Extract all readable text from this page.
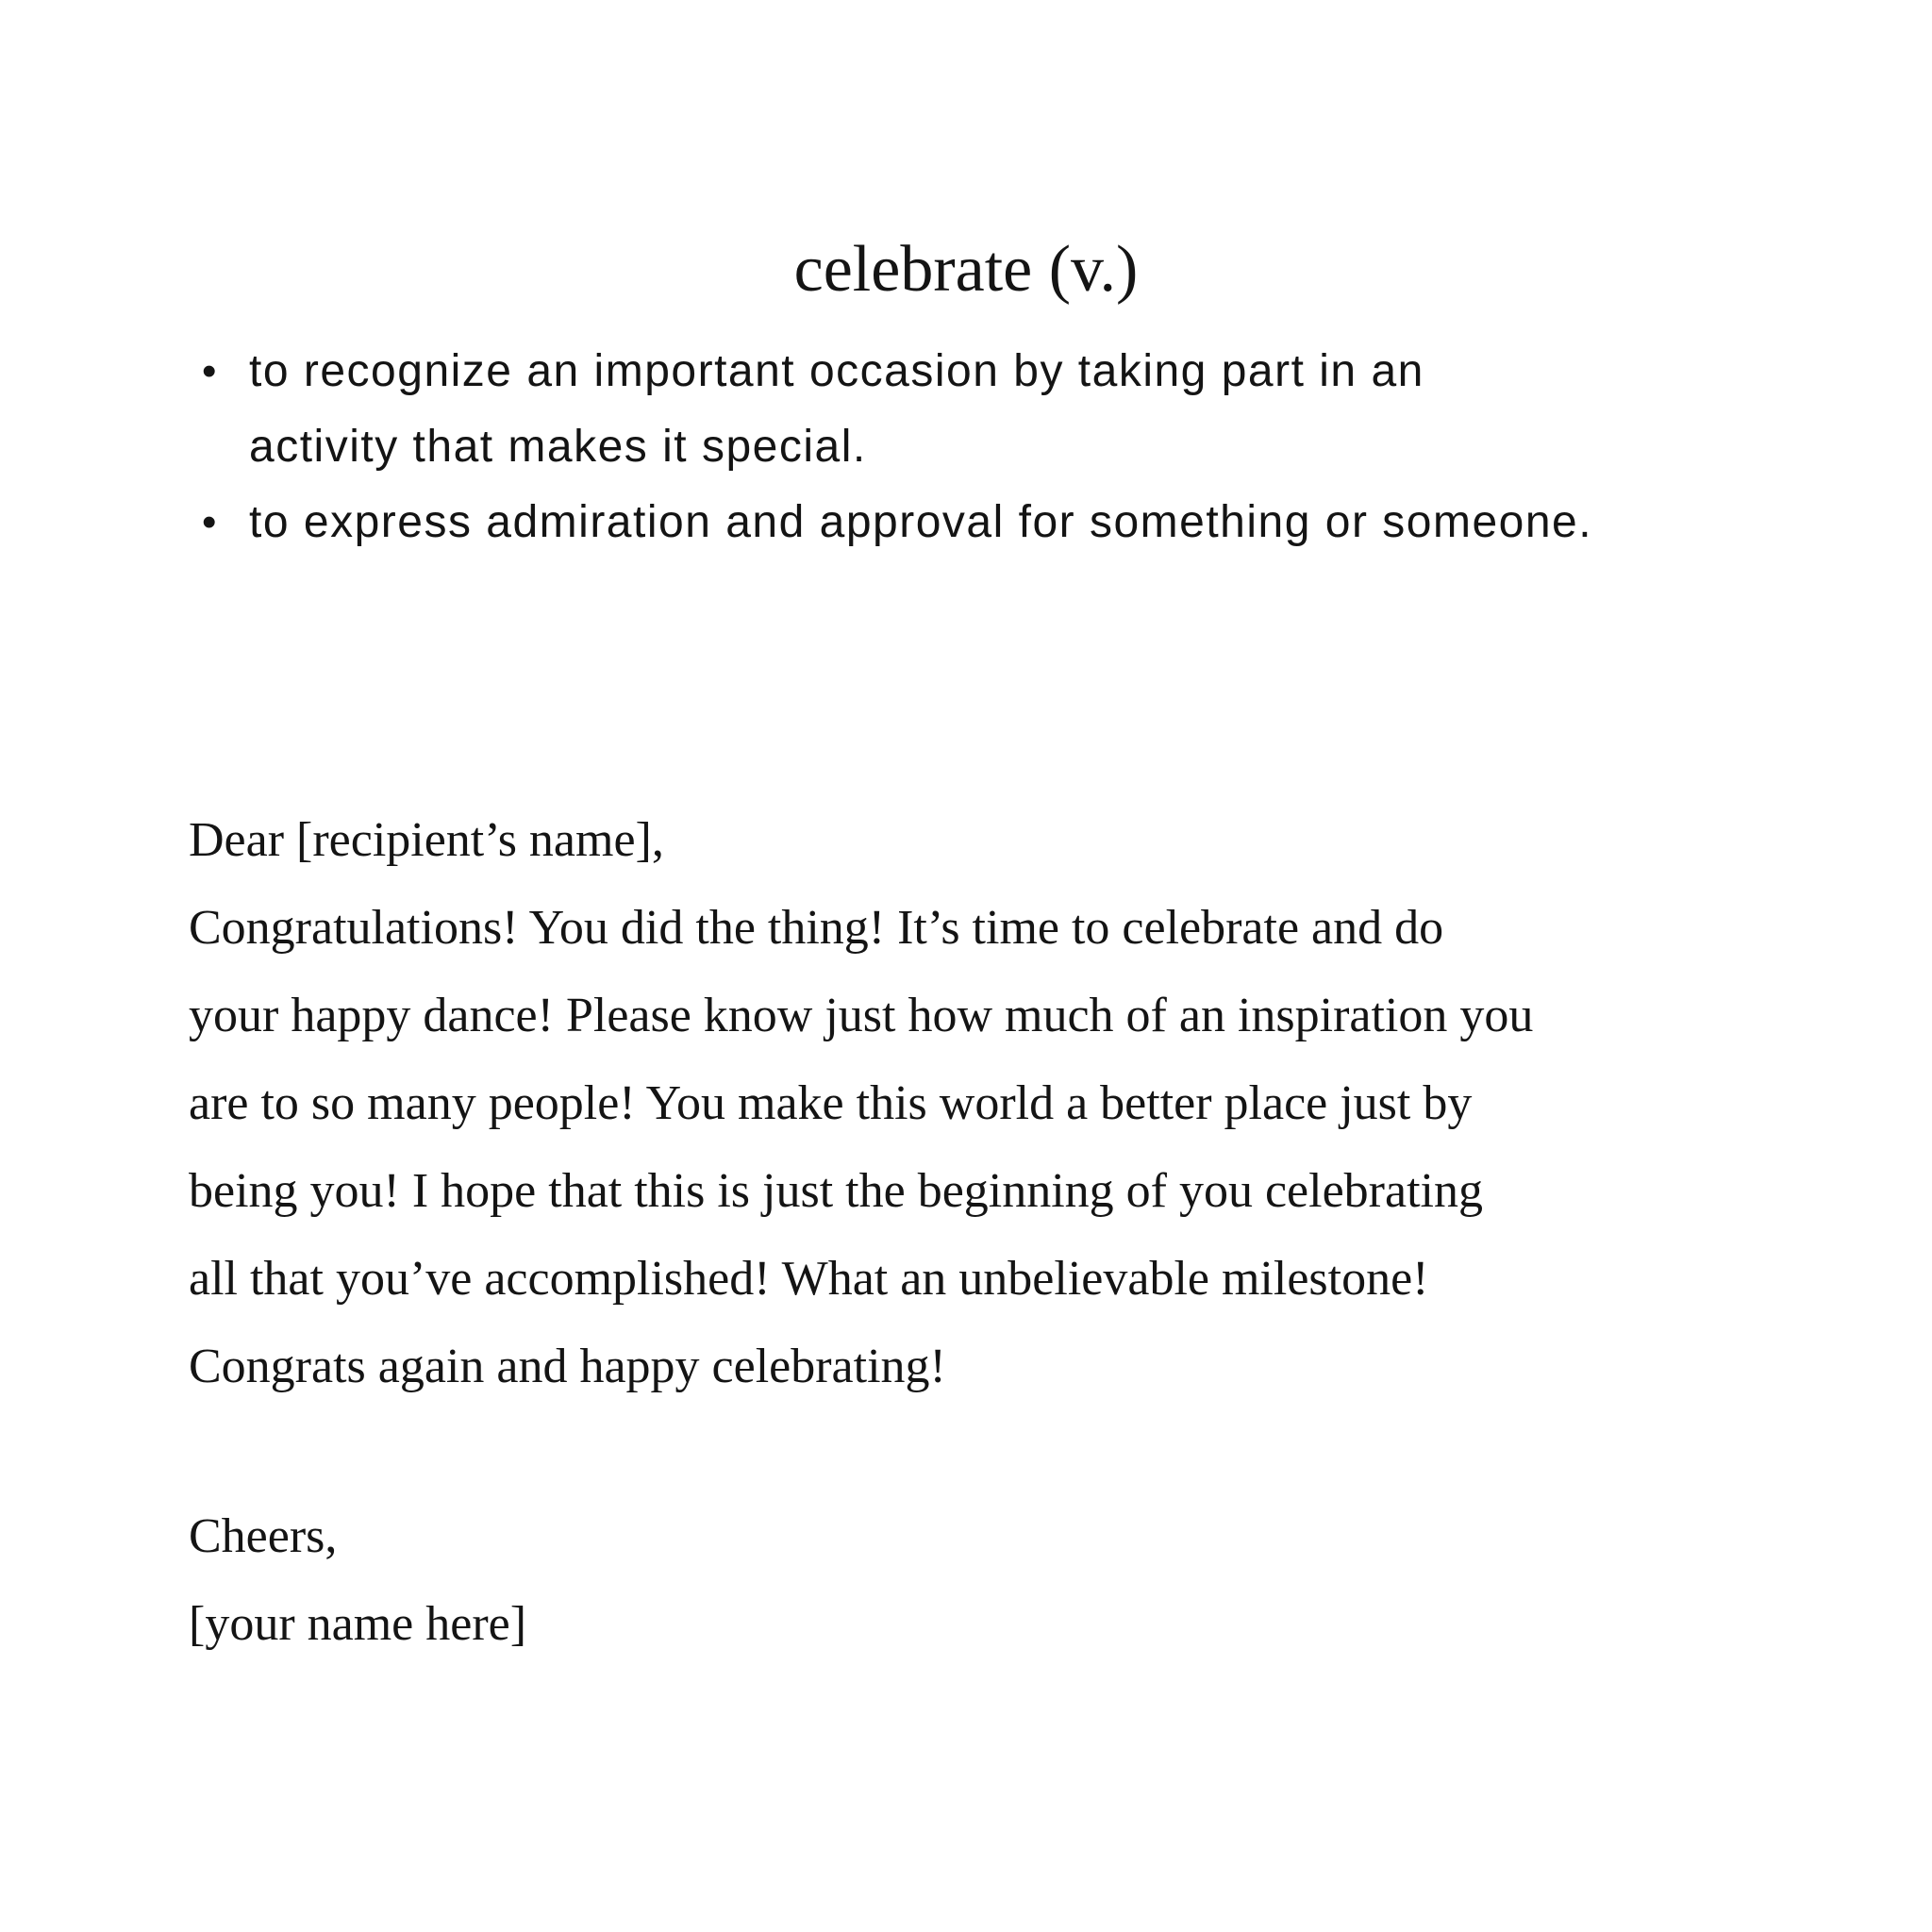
celebrate (v.)
• to recognize an important occasion by taking part in an
activity that makes it special.
• to express admiration and approval for something or someone.
Dear [recipient’s name],
Congratulations! You did the thing! It’s time to celebrate and do
your happy dance! Please know just how much of an inspiration you
are to so many people! You make this world a better place just by
being you! I hope that this is just the beginning of you celebrating
all that you’ve accomplished! What an unbelievable milestone!
Congrats again and happy celebrating!
Cheers,
[your name here]
